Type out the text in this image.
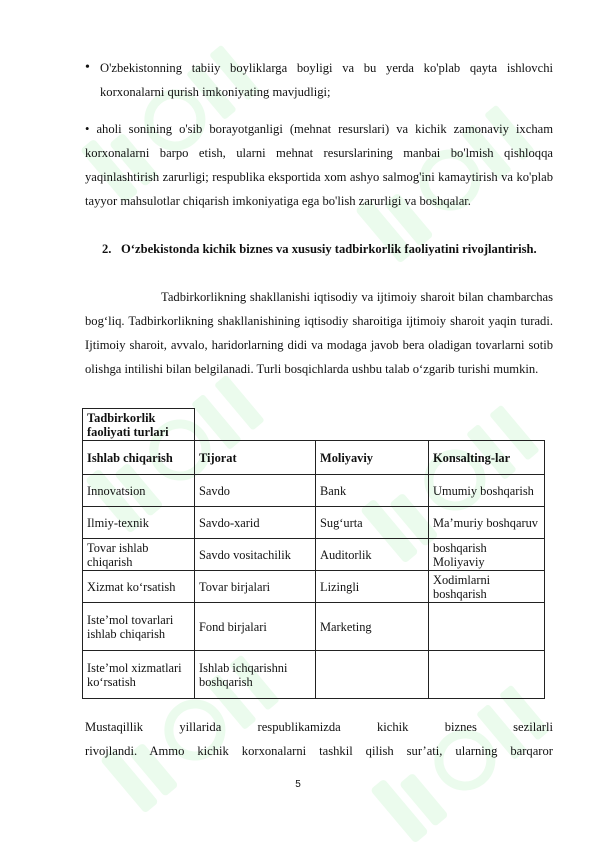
• O'zbekistonning tabiiy boyliklarga boyligi va bu yerda ko'plab qayta ishlovchi korxonalarni qurish imkoniyating mavjudligi;
• aholi sonining o'sib borayotganligi (mehnat resurslari) va kichik zamonaviy ixcham korxonalarni barpo etish, ularni mehnat resurslarining manbai bo'lmish qishloqqa yaqinlashtirish zarurligi; respublika eksportida xom ashyo salmog'ini kamaytirish va ko'plab tayyor mahsulotlar chiqarish imkoniyatiga ega bo'lish zarurligi va boshqalar.
2. O‘zbekistonda kichik biznes va xususiy tadbirkorlik faoliyatini rivojlantirish.
Tadbirkorlikning shakllanishi iqtisodiy va ijtimoiy sharoit bilan chambarchas bog‘liq. Tadbirkorlikning shakllanishining iqtisodiy sharoitiga ijtimoiy sharoit yaqin turadi. Ijtimoiy sharoit, avvalo, haridorlarning didi va modaga javob bera oladigan tovarlarni sotib olishga intilishi bilan belgilanadi. Turli bosqichlarda ushbu talab o‘zgarib turishi mumkin.
Tadbirkorlik faoliyati turlari			
Ishlab chiqarish	Tijorat	Moliyaviy	Konsalting-lar
Innovatsion	Savdo	Bank	Umumiy boshqarish
Ilmiy-texnik	Savdo-xarid	Sug‘urta	Ma’muriy boshqaruv
Tovar ishlab chiqarish	Savdo vositachilik	Auditorlik	boshqarish Moliyaviy
Xizmat ko‘rsatish	Tovar birjalari	Lizingli	Xodimlarni boshqarish
Iste’mol tovarlari ishlab chiqarish	Fond birjalari	Marketing	
Iste’mol xizmatlari ko‘rsatish	Ishlab ichqarishni boshqarish		
Mustaqillik yillarida respublikamizda kichik biznes sezilarli
rivojlandi. Ammo kichik korxonalarni tashkil qilish sur’ati, ularning barqaror
5
